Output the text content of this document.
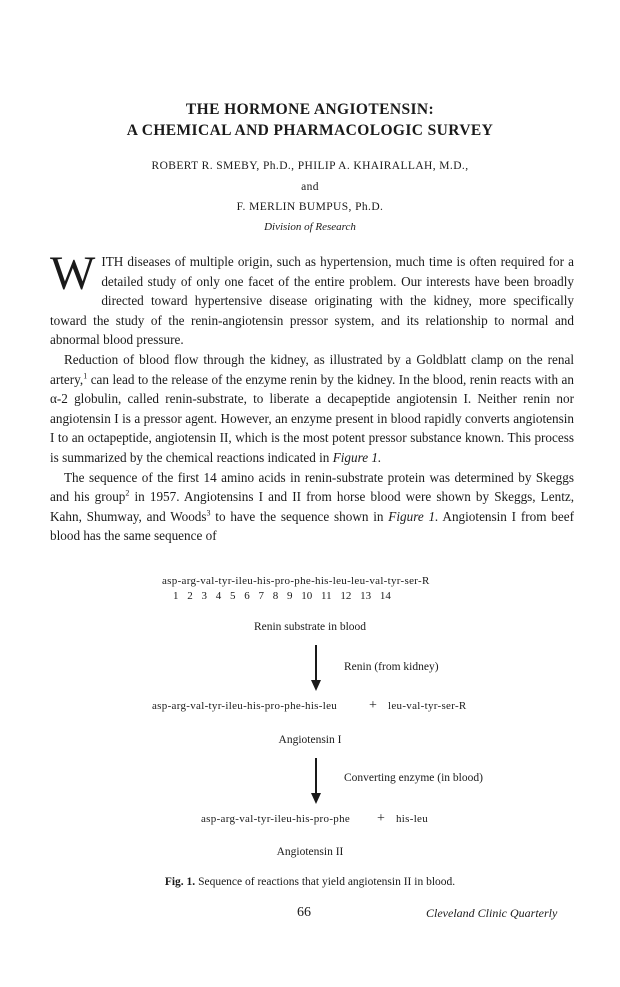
THE HORMONE ANGIOTENSIN:
A CHEMICAL AND PHARMACOLOGIC SURVEY
ROBERT R. SMEBY, Ph.D., PHILIP A. KHAIRALLAH, M.D.,
and
F. MERLIN BUMPUS, Ph.D.
Division of Research

WITH diseases of multiple origin, such as hypertension, much time is often required for a detailed study of only one facet of the entire problem. Our interests have been broadly directed toward hypertensive disease originating with the kidney, more specifically toward the study of the renin-angiotensin pressor system, and its relationship to normal and abnormal blood pressure.

Reduction of blood flow through the kidney, as illustrated by a Goldblatt clamp on the renal artery,$^1$ can lead to the release of the enzyme renin by the kidney. In the blood, renin reacts with an α-2 globulin, called renin-substrate, to liberate a decapeptide angiotensin I. Neither renin nor angiotensin I is a pressor agent. However, an enzyme present in blood rapidly converts angiotensin I to an octapeptide, angiotensin II, which is the most potent pressor substance known. This process is summarized by the chemical reactions indicated in Figure 1.

The sequence of the first 14 amino acids in renin-substrate protein was determined by Skeggs and his group$^2$ in 1957. Angiotensins I and II from horse blood were shown by Skeggs, Lentz, Kahn, Shumway, and Woods$^3$ to have the sequence shown in Figure 1. Angiotensin I from beef blood has the same sequence of

asp-arg-val-tyr-ileu-his-pro-phe-his-leu-leu-val-tyr-ser-R
1 2 3 4 5 6 7 8 9 10 11 12 13 14
Renin substrate in blood
Renin (from kidney)
asp-arg-val-tyr-ileu-his-pro-phe-his-leu + leu-val-tyr-ser-R
Angiotensin I
Converting enzyme (in blood)
asp-arg-val-tyr-ileu-his-pro-phe + his-leu
Angiotensin II
Fig. 1. Sequence of reactions that yield angiotensin II in blood.
66	Cleveland Clinic Quarterly
